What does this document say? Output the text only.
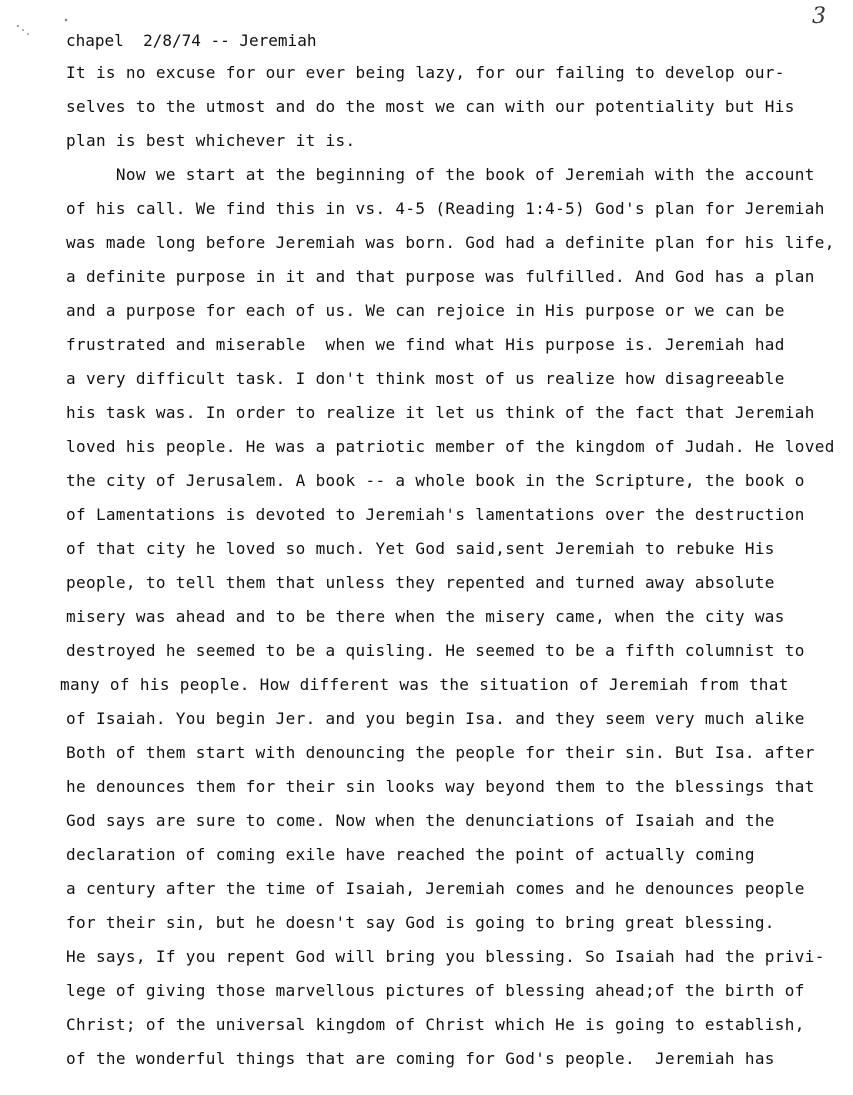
chapel  2/8/74 -- Jeremiah
3
It is no excuse for our ever being lazy, for our failing to develop our-
selves to the utmost and do the most we can with our potentiality but His
plan is best whichever it is.
Now we start at the beginning of the book of Jeremiah with the account
of his call. We find this in vs. 4-5 (Reading 1:4-5) God's plan for Jeremiah
was made long before Jeremiah was born. God had a definite plan for his life,
a definite purpose in it and that purpose was fulfilled. And God has a plan
and a purpose for each of us. We can rejoice in His purpose or we can be
frustrated and miserable  when we find what His purpose is. Jeremiah had
a very difficult task. I don't think most of us realize how disagreeable
his task was. In order to realize it let us think of the fact that Jeremiah
loved his people. He was a patriotic member of the kingdom of Judah. He loved
the city of Jerusalem. A book -- a whole book in the Scripture, the book o
of Lamentations is devoted to Jeremiah's lamentations over the destruction
of that city he loved so much. Yet God said,sent Jeremiah to rebuke His
people, to tell them that unless they repented and turned away absolute
misery was ahead and to be there when the misery came, when the city was
destroyed he seemed to be a quisling. He seemed to be a fifth columnist to
many of his people. How different was the situation of Jeremiah from that
of Isaiah. You begin Jer. and you begin Isa. and they seem very much alike
Both of them start with denouncing the people for their sin. But Isa. after
he denounces them for their sin looks way beyond them to the blessings that
God says are sure to come. Now when the denunciations of Isaiah and the
declaration of coming exile have reached the point of actually coming
a century after the time of Isaiah, Jeremiah comes and he denounces people
for their sin, but he doesn't say God is going to bring great blessing.
He says, If you repent God will bring you blessing. So Isaiah had the privi-
lege of giving those marvellous pictures of blessing ahead;of the birth of
Christ; of the universal kingdom of Christ which He is going to establish,
of the wonderful things that are coming for God's people.  Jeremiah has
